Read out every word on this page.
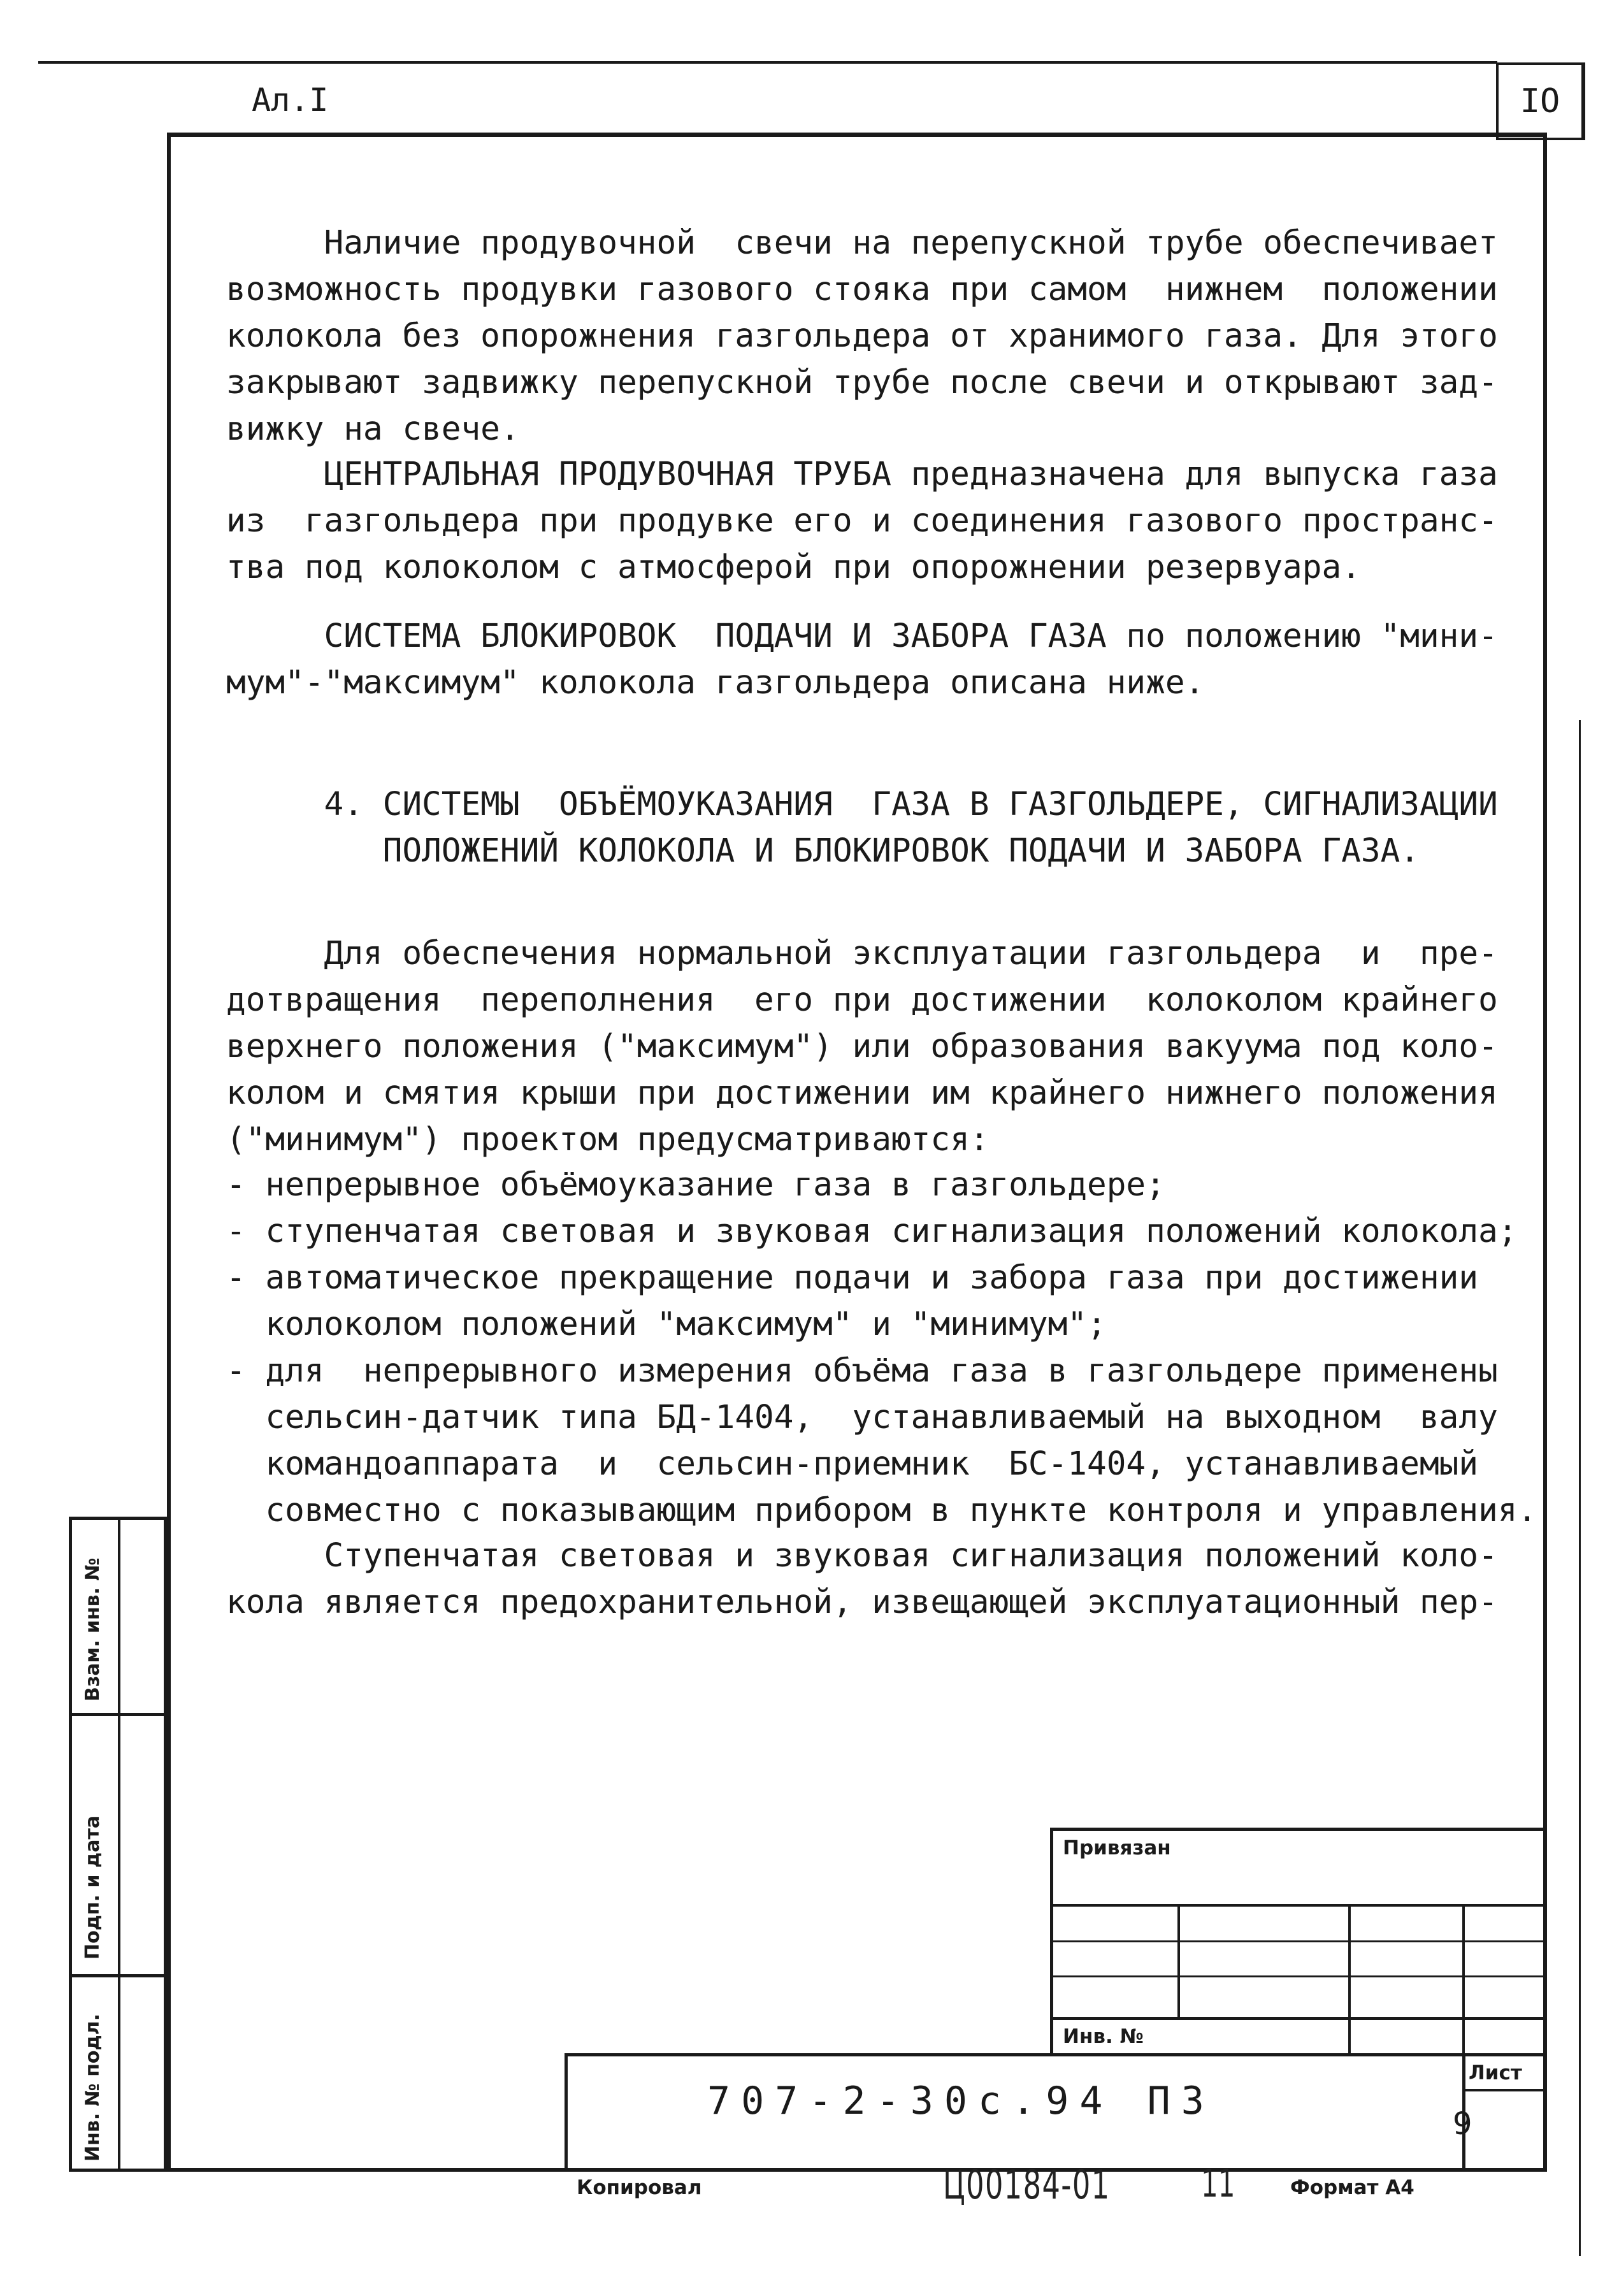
Ал.I	IO
Наличие продувочной  свечи на перепускной трубе обеспечивает
возможность продувки газового стояка при самом  нижнем  положении
колокола без опорожнения газгольдера от хранимого газа. Для этого
закрывают задвижку перепускной трубе после свечи и открывают зад-
вижку на свече.
ЦЕНТРАЛЬНАЯ ПРОДУВОЧНАЯ ТРУБА предназначена для выпуска газа
из  газгольдера при продувке его и соединения газового пространс-
тва под колоколом с атмосферой при опорожнении резервуара.
СИСТЕМА БЛОКИРОВОК  ПОДАЧИ И ЗАБОРА ГАЗА по положению "мини-
мум"-"максимум" колокола газгольдера описана ниже.
4. СИСТЕМЫ  ОБЪЁМОУКАЗАНИЯ  ГАЗА В ГАЗГОЛЬДЕРЕ, СИГНАЛИЗАЦИИ
ПОЛОЖЕНИЙ КОЛОКОЛА И БЛОКИРОВОК ПОДАЧИ И ЗАБОРА ГАЗА.
Для обеспечения нормальной эксплуатации газгольдера  и  пре-
дотвращения  переполнения  его при достижении  колоколом крайнего
верхнего положения ("максимум") или образования вакуума под коло-
колом и смятия крыши при достижении им крайнего нижнего положения
("минимум") проектом предусматриваются:
- непрерывное объёмоуказание газа в газгольдере;
- ступенчатая световая и звуковая сигнализация положений колокола;
- автоматическое прекращение подачи и забора газа при достижении
колоколом положений "максимум" и "минимум";
- для  непрерывного измерения объёма газа в газгольдере применены
сельсин-датчик типа БД-1404,  устанавливаемый на выходном  валу
командоаппарата  и  сельсин-приемник  БС-1404, устанавливаемый
совместно с показывающим прибором в пункте контроля и управления.
Ступенчатая световая и звуковая сигнализация положений коло-
кола является предохранительной, извещающей эксплуатационный пер-
Взам. инв. №
Подп. и дата
Инв. № подл.
Привязан
Инв. №
Лист
707-2-30с.94 ПЗ
9
Копировал	Ц00184-01 11	Формат А4
